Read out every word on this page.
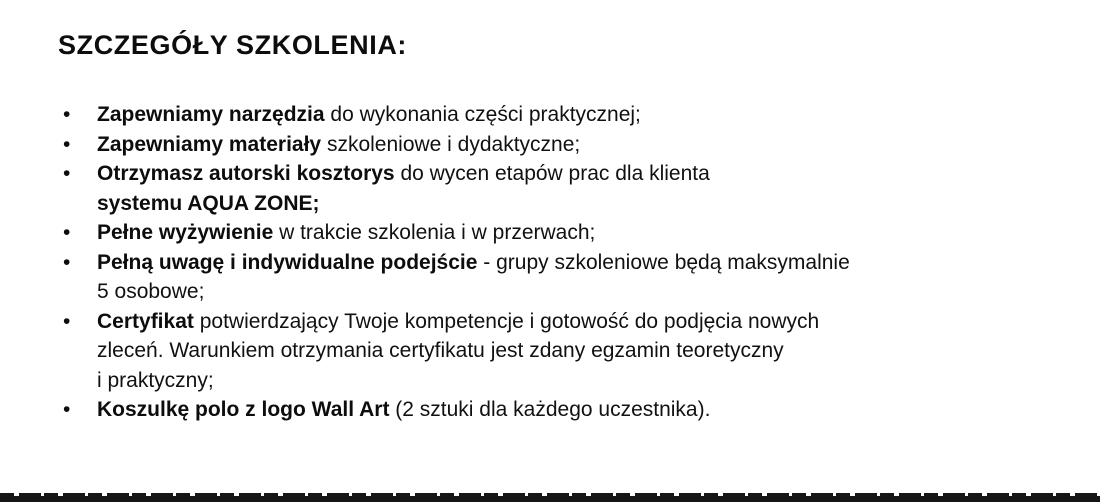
SZCZEGÓŁY SZKOLENIA:
•	Zapewniamy narzędzia do wykonania części praktycznej;
•	Zapewniamy materiały szkoleniowe i dydaktyczne;
•	Otrzymasz autorski kosztorys do wycen etapów prac dla klienta
systemu AQUA ZONE;
•	Pełne wyżywienie w trakcie szkolenia i w przerwach;
•	Pełną uwagę i indywidualne podejście - grupy szkoleniowe będą maksymalnie
5 osobowe;
•	Certyfikat potwierdzający Twoje kompetencje i gotowość do podjęcia nowych
zleceń. Warunkiem otrzymania certyfikatu jest zdany egzamin teoretyczny
i praktyczny;
•	Koszulkę polo z logo Wall Art (2 sztuki dla każdego uczestnika).
